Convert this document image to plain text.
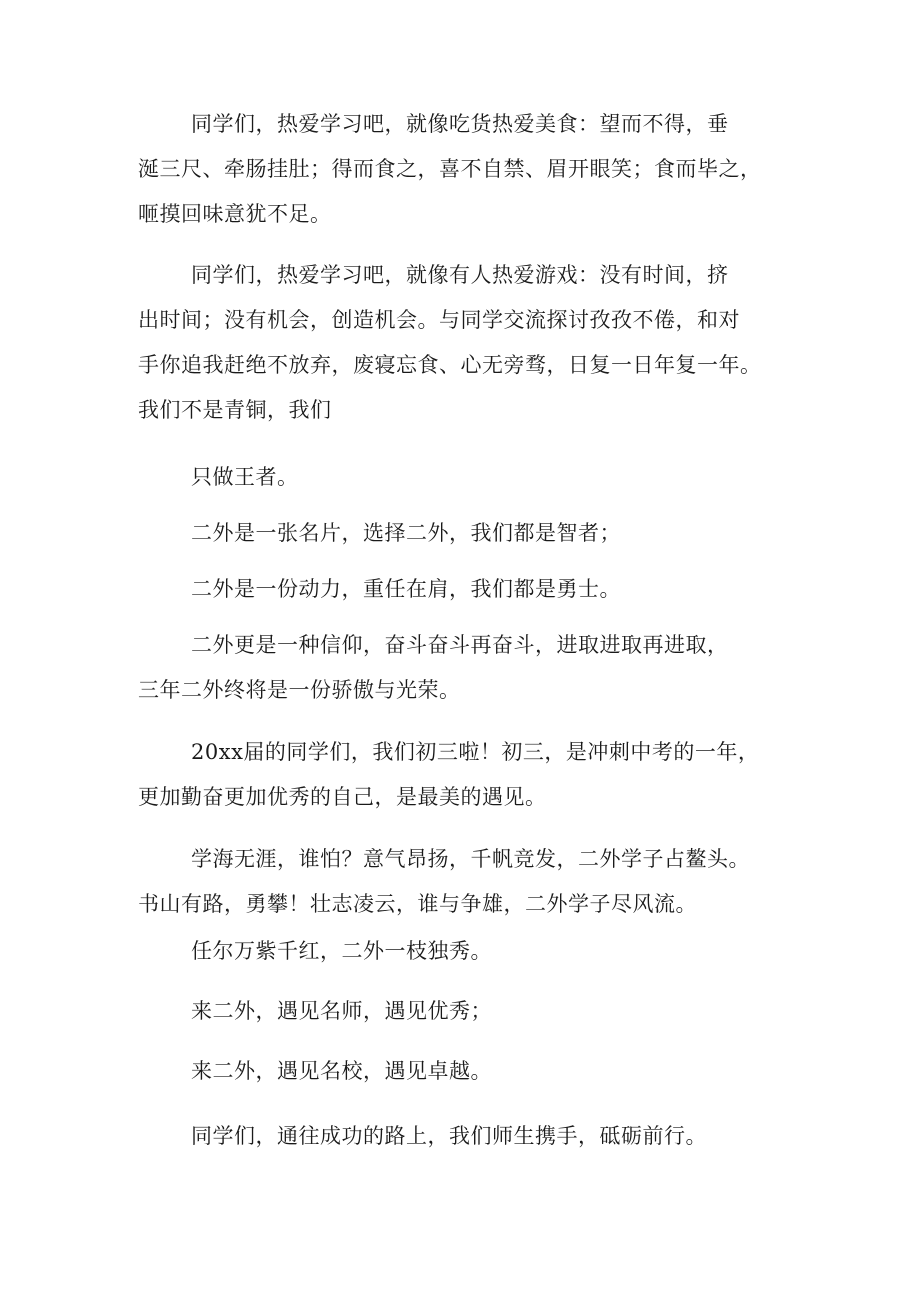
同学们，热爱学习吧，就像吃货热爱美食：望而不得，垂
涎三尺、牵肠挂肚；得而食之，喜不自禁、眉开眼笑；食而毕之，
咂摸回味意犹不足。

同学们，热爱学习吧，就像有人热爱游戏：没有时间，挤
出时间；没有机会，创造机会。与同学交流探讨孜孜不倦，和对
手你追我赶绝不放弃，废寝忘食、心无旁骛，日复一日年复一年。
我们不是青铜，我们

只做王者。

二外是一张名片，选择二外，我们都是智者；

二外是一份动力，重任在肩，我们都是勇士。

二外更是一种信仰，奋斗奋斗再奋斗，进取进取再进取，
三年二外终将是一份骄傲与光荣。

20xx届的同学们，我们初三啦！初三，是冲刺中考的一年，
更加勤奋更加优秀的自己，是最美的遇见。

学海无涯，谁怕？意气昂扬，千帆竞发，二外学子占鳌头。
书山有路，勇攀！壮志凌云，谁与争雄，二外学子尽风流。

任尔万紫千红，二外一枝独秀。

来二外，遇见名师，遇见优秀；

来二外，遇见名校，遇见卓越。

同学们，通往成功的路上，我们师生携手，砥砺前行。
